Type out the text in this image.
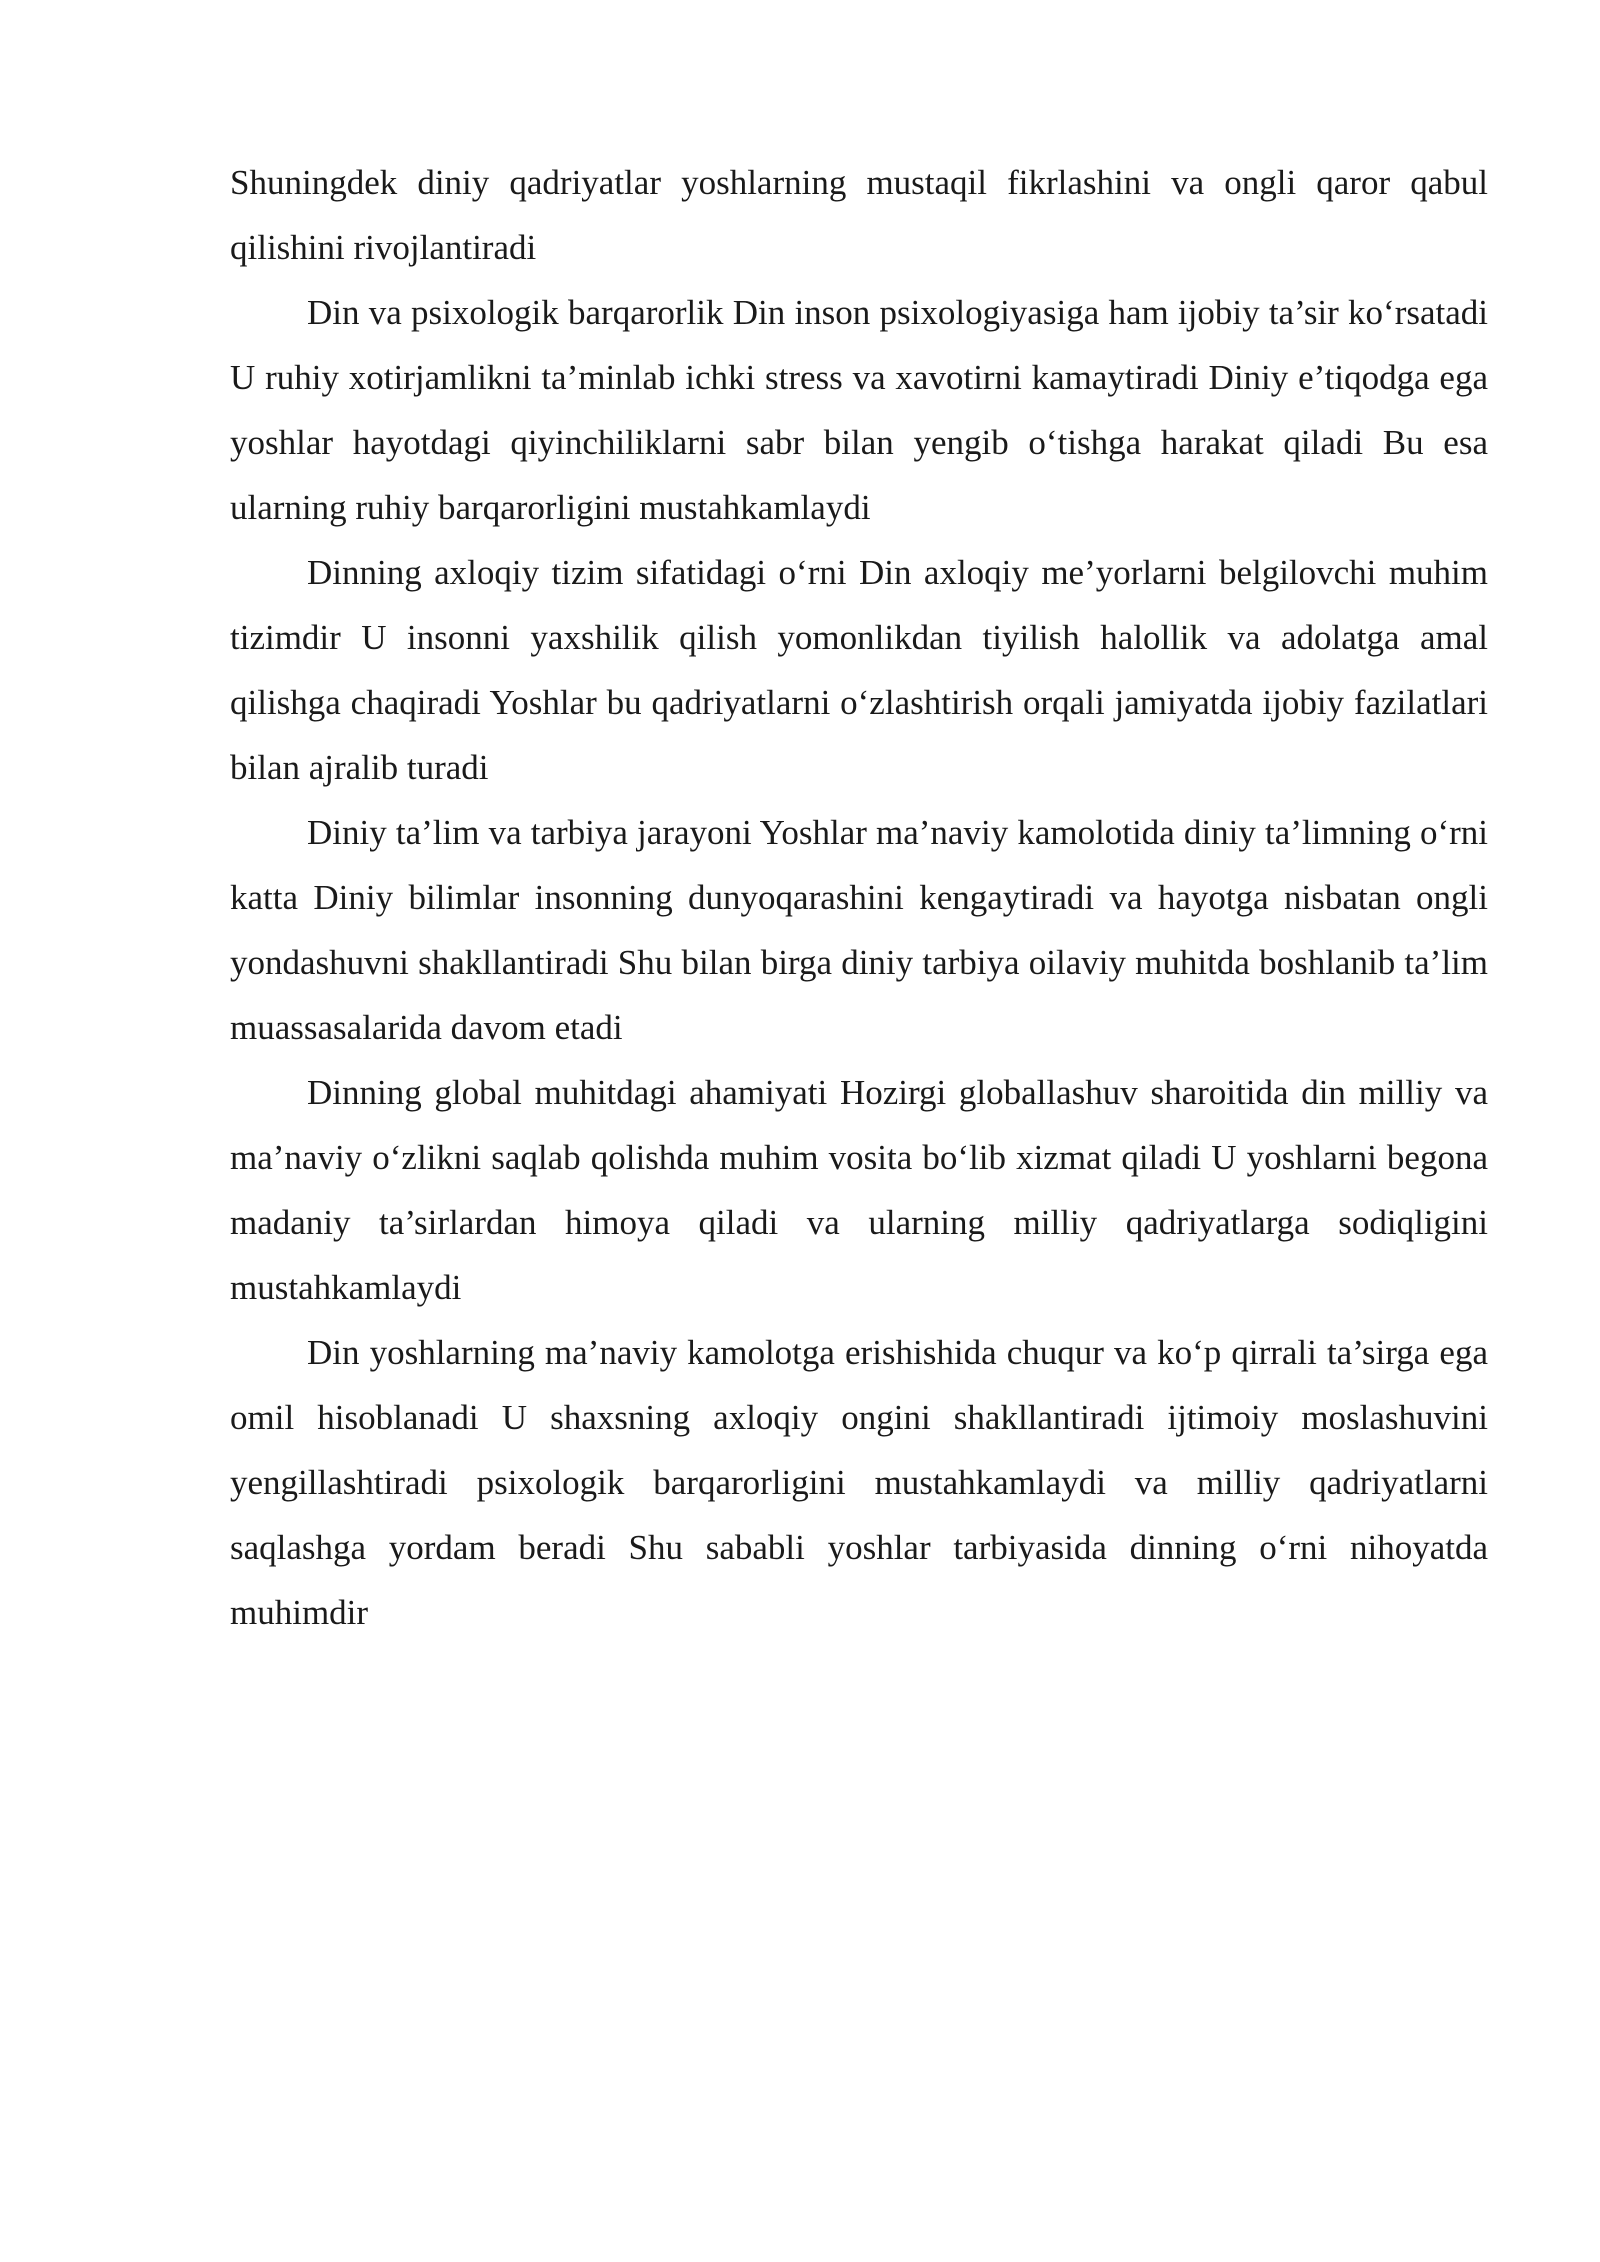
Shuningdek diniy qadriyatlar yoshlarning mustaqil fikrlashini va ongli qaror qabul qilishini rivojlantiradi

Din va psixologik barqarorlik Din inson psixologiyasiga ham ijobiy ta’sir ko‘rsatadi U ruhiy xotirjamlikni ta’minlab ichki stress va xavotirni kamaytiradi Diniy e’tiqodga ega yoshlar hayotdagi qiyinchiliklarni sabr bilan yengib o‘tishga harakat qiladi Bu esa ularning ruhiy barqarorligini mustahkamlaydi

Dinning axloqiy tizim sifatidagi o‘rni Din axloqiy me’yorlarni belgilovchi muhim tizimdir U insonni yaxshilik qilish yomonlikdan tiyilish halollik va adolatga amal qilishga chaqiradi Yoshlar bu qadriyatlarni o‘zlashtirish orqali jamiyatda ijobiy fazilatlari bilan ajralib turadi

Diniy ta’lim va tarbiya jarayoni Yoshlar ma’naviy kamolotida diniy ta’limning o‘rni katta Diniy bilimlar insonning dunyoqarashini kengaytiradi va hayotga nisbatan ongli yondashuvni shakllantiradi Shu bilan birga diniy tarbiya oilaviy muhitda boshlanib ta’lim muassasalarida davom etadi

Dinning global muhitdagi ahamiyati Hozirgi globallashuv sharoitida din milliy va ma’naviy o‘zlikni saqlab qolishda muhim vosita bo‘lib xizmat qiladi U yoshlarni begona madaniy ta’sirlardan himoya qiladi va ularning milliy qadriyatlarga sodiqligini mustahkamlaydi

Din yoshlarning ma’naviy kamolotga erishishida chuqur va ko‘p qirrali ta’sirga ega omil hisoblanadi U shaxsning axloqiy ongini shakllantiradi ijtimoiy moslashuvini yengillashtiradi psixologik barqarorligini mustahkamlaydi va milliy qadriyatlarni saqlashga yordam beradi Shu sababli yoshlar tarbiyasida dinning o‘rni nihoyatda muhimdir
